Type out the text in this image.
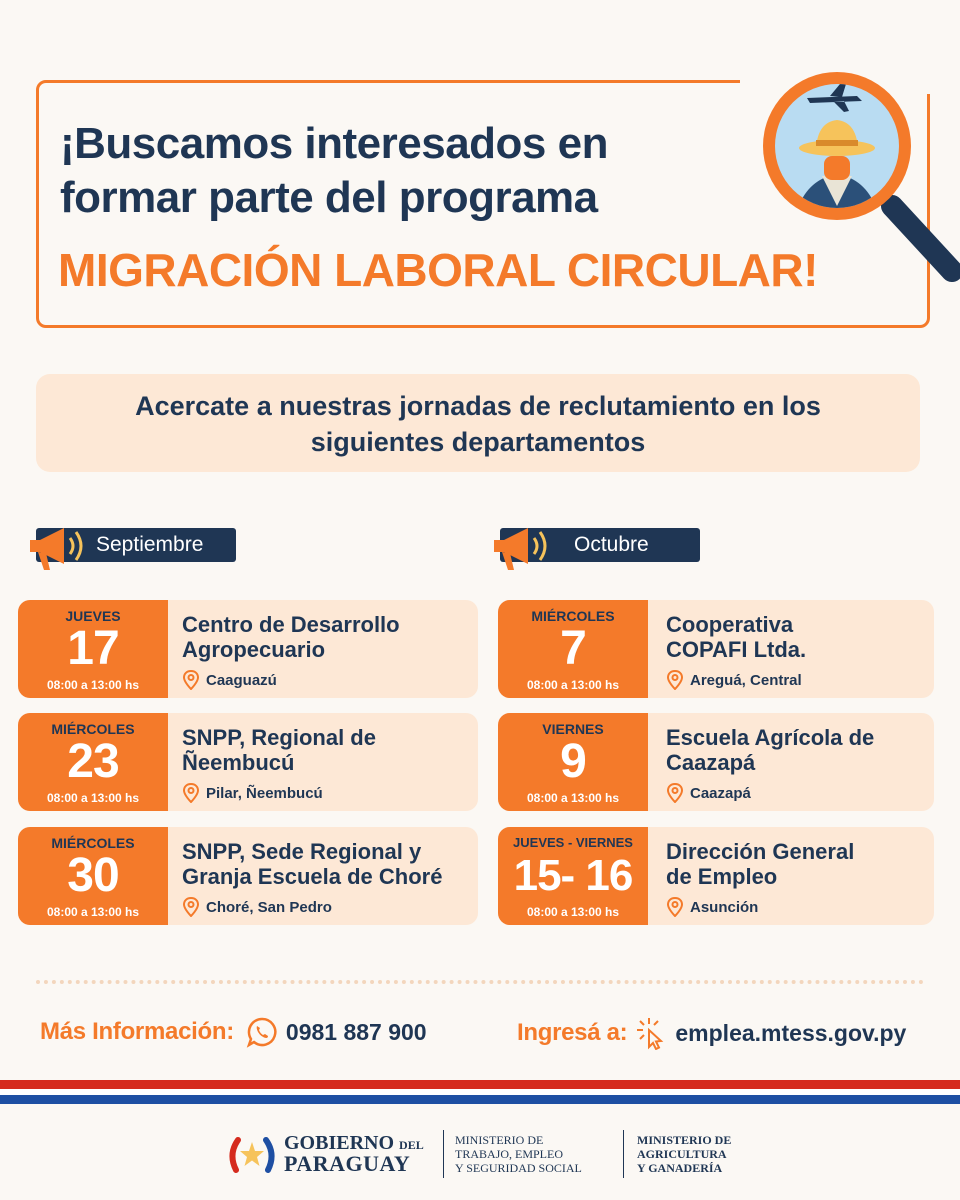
¡Buscamos interesados en
formar parte del programa
MIGRACIÓN LABORAL CIRCULAR!
Acercate a nuestras jornadas de reclutamiento en los
siguientes departamentos
Septiembre	Octubre
JUEVES
17
08:00 a 13:00 hs
Centro de Desarrollo
Agropecuario
Caaguazú
MIÉRCOLES
23
08:00 a 13:00 hs
SNPP, Regional de
Ñeembucú
Pilar, Ñeembucú
MIÉRCOLES
30
08:00 a 13:00 hs
SNPP, Sede Regional y
Granja Escuela de Choré
Choré, San Pedro
MIÉRCOLES
7
08:00 a 13:00 hs
Cooperativa
COPAFI Ltda.
Areguá, Central
VIERNES
9
08:00 a 13:00 hs
Escuela Agrícola de
Caazapá
Caazapá
JUEVES - VIERNES
15- 16
08:00 a 13:00 hs
Dirección General
de Empleo
Asunción
Más Información: 0981 887 900	Ingresá a: emplea.mtess.gov.py
GOBIERNO DEL
PARAGUAY
MINISTERIO DE
TRABAJO, EMPLEO
Y SEGURIDAD SOCIAL
MINISTERIO DE
AGRICULTURA
Y GANADERÍA
